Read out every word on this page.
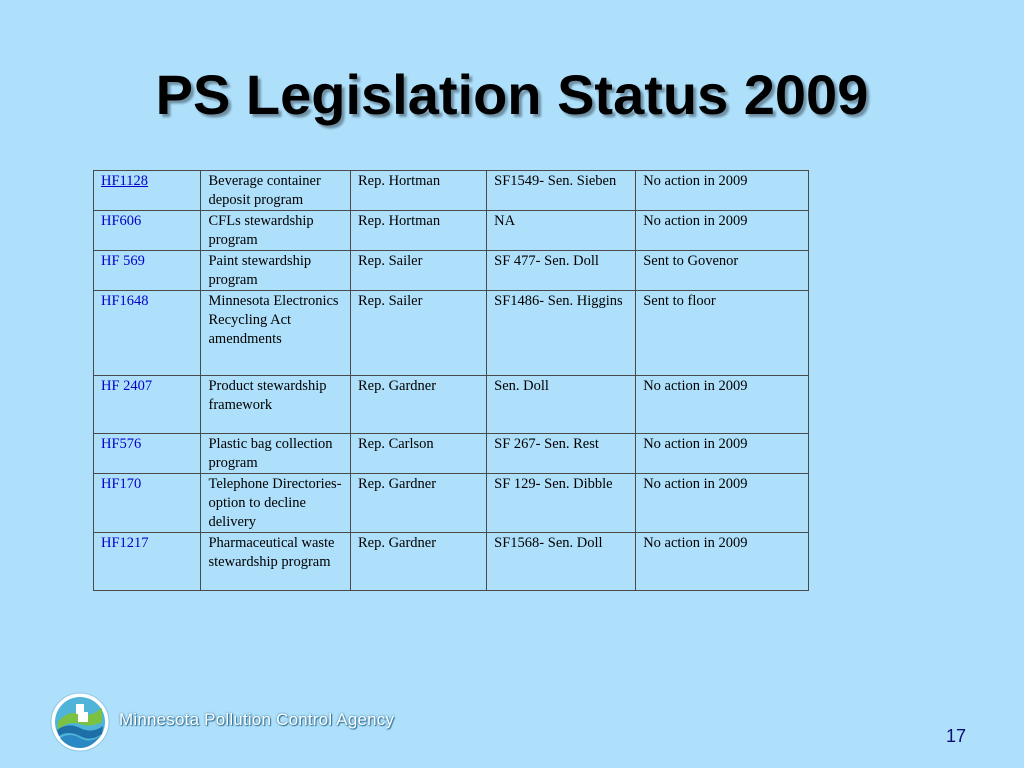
PS Legislation Status 2009
HF1128	Beverage container deposit program	Rep. Hortman	SF1549- Sen. Sieben	No action in 2009
HF606	CFLs stewardship program	Rep. Hortman	NA	No action in 2009
HF 569	Paint stewardship program	Rep. Sailer	SF 477- Sen. Doll	Sent to Govenor
HF1648	Minnesota Electronics Recycling Act amendments	Rep. Sailer	SF1486- Sen. Higgins	Sent to floor
HF 2407	Product stewardship framework	Rep. Gardner	Sen. Doll	No action in 2009
HF576	Plastic bag collection program	Rep. Carlson	SF 267- Sen. Rest	No action in 2009
HF170	Telephone Directories-option to decline delivery	Rep. Gardner	SF 129- Sen. Dibble	No action in 2009
HF1217	Pharmaceutical waste stewardship program	Rep. Gardner	SF1568- Sen. Doll	No action in 2009
Minnesota Pollution Control Agency
17
